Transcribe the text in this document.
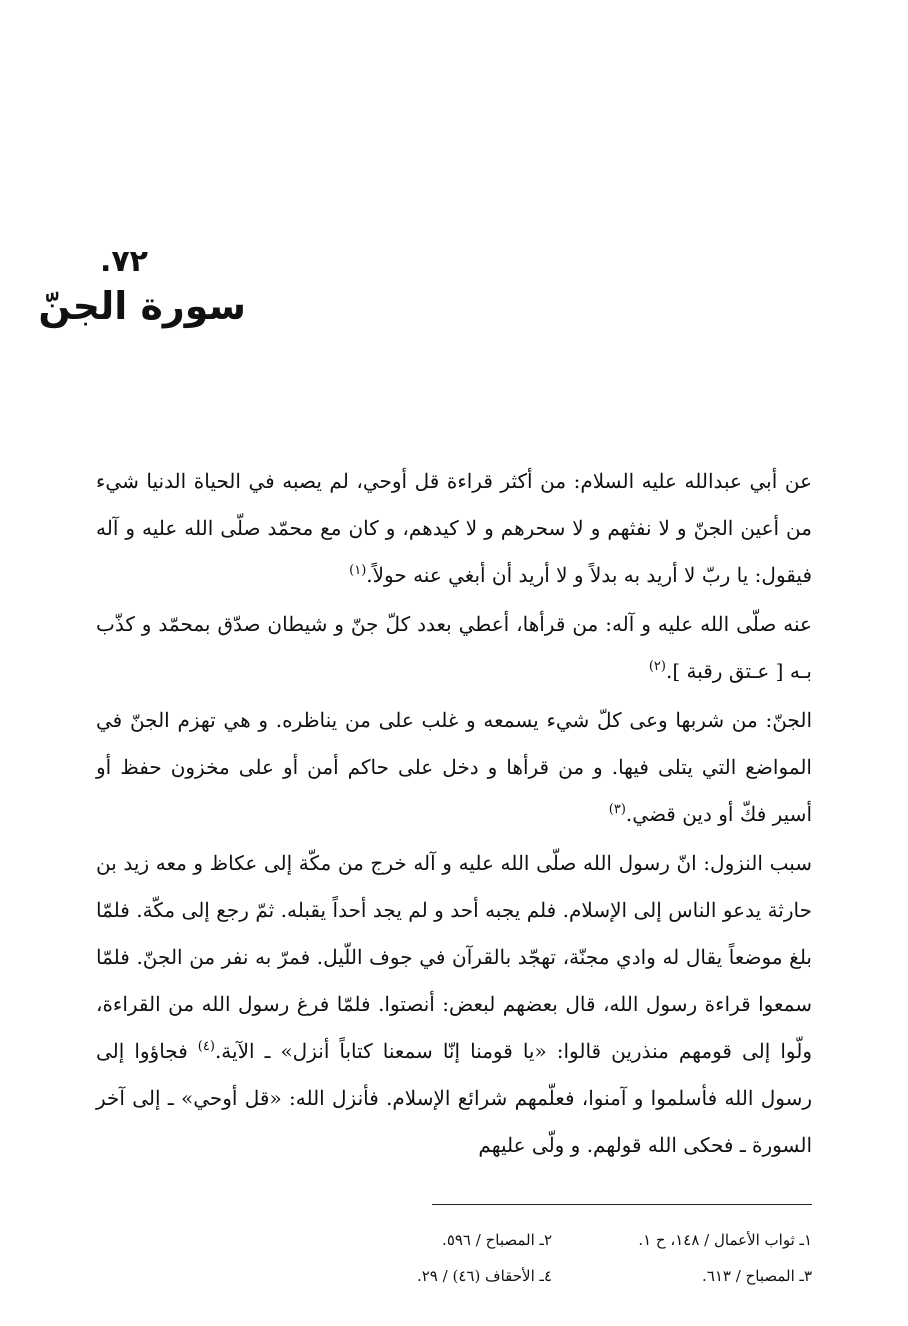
٧٢.
سورة الجنّ

عن أبي عبدالله عليه السلام: من أكثر قراءة قل أوحي، لم يصبه في الحياة الدنيا شيء من أعين الجنّ و لا نفثهم و لا سحرهم و لا كيدهم، و كان مع محمّد صلّى الله عليه و آله فيقول: يا ربّ لا أريد به بدلاً و لا أريد أن أبغي عنه حولاً.$^{(١)}$

عنه صلّى الله عليه و آله: من قرأها، أعطي بعدد كلّ جنّ و شيطان صدّق بمحمّد و كذّب بـه [ عـتق رقبة ].$^{(٢)}$

الجنّ: من شربها وعى كلّ شيء يسمعه و غلب على من يناظره. و هي تهزم الجنّ في المواضع التي يتلى فيها. و من قرأها و دخل على حاكم أمن أو على مخزون حفظ أو أسير فكّ أو دين قضي.$^{(٣)}$

سبب النزول: انّ رسول الله صلّى الله عليه و آله خرج من مكّة إلى عكاظ و معه زيد بن حارثة يدعو الناس إلى الإسلام. فلم يجبه أحد و لم يجد أحداً يقبله. ثمّ رجع إلى مكّة. فلمّا بلغ موضعاً يقال له وادي مجنّة، تهجّد بالقرآن في جوف اللّيل. فمرّ به نفر من الجنّ. فلمّا سمعوا قراءة رسول الله، قال بعضهم لبعض: أنصتوا. فلمّا فرغ رسول الله من القراءة، ولّوا إلى قومهم منذرين قالوا: «يا قومنا إنّا سمعنا كتاباً أنزل» ـ الآية.$^{(٤)}$ فجاؤوا إلى رسول الله فأسلموا و آمنوا، فعلّمهم شرائع الإسلام. فأنزل الله: «قل أوحي» ـ إلى آخر السورة ـ فحكى الله قولهم. و ولّى عليهم

١ـ ثواب الأعمال / ١٤٨، ح ١.
٢ـ المصباح / ٥٩٦.
٣ـ المصباح / ٦١٣.
٤ـ الأحقاف (٤٦) / ٢٩.
